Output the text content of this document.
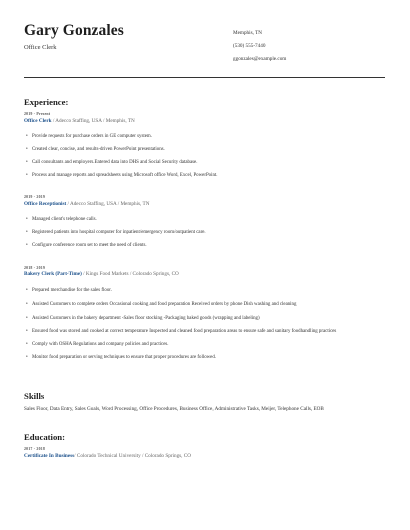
Gary Gonzales
Office Clerk
Memphis, TN
(530) 555-7440
ggonzales@example.com
Experience:
2019 - Present
Office Clerk / Adecco Staffing, USA / Memphis, TN
• Provide requests for purchase orders in GE computer system.
• Created clear, concise, and results-driven PowerPoint presentations.
• Call consultants and employers.Entered data into DHS and Social Security database.
• Process and manage reports and spreadsheets using Microsoft office Word, Excel, PowerPoint.
2019 - 2019
Office Receptionist / Adecco Staffing, USA / Memphis, TN
• Managed client's telephone calls.
• Registered patients into hospital computer for inpatient/emergency room/outpatient care.
• Configure conference room set to meet the need of clients.
2018 - 2019
Bakery Clerk (Part-Time) / Kings Food Markets / Colorado Springs, CO
• Prepared merchandise for the sales floor.
• Assisted Customers to complete orders Occasional cooking and food preparation Received orders by phone Dish washing and cleaning
• Assisted Customers in the bakery department -Sales floor stocking -Packaging baked goods (wrapping and labeling)
• Ensured food was stored and cooked at correct temperature Inspected and cleaned food preparation areas to ensure safe and sanitary foodhandling practices
• Comply with OSHA Regulations and company policies and practices.
• Monitor food preparation or serving techniques to ensure that proper procedures are followed.
Skills
Sales Floor, Data Entry, Sales Goals, Word Processing, Office Procedures, Business Office, Administrative Tasks, Meijer, Telephone Calls, EOB
Education:
2017 - 2018
Certificate In Business/ Colorado Technical University / Colorado Springs, CO
